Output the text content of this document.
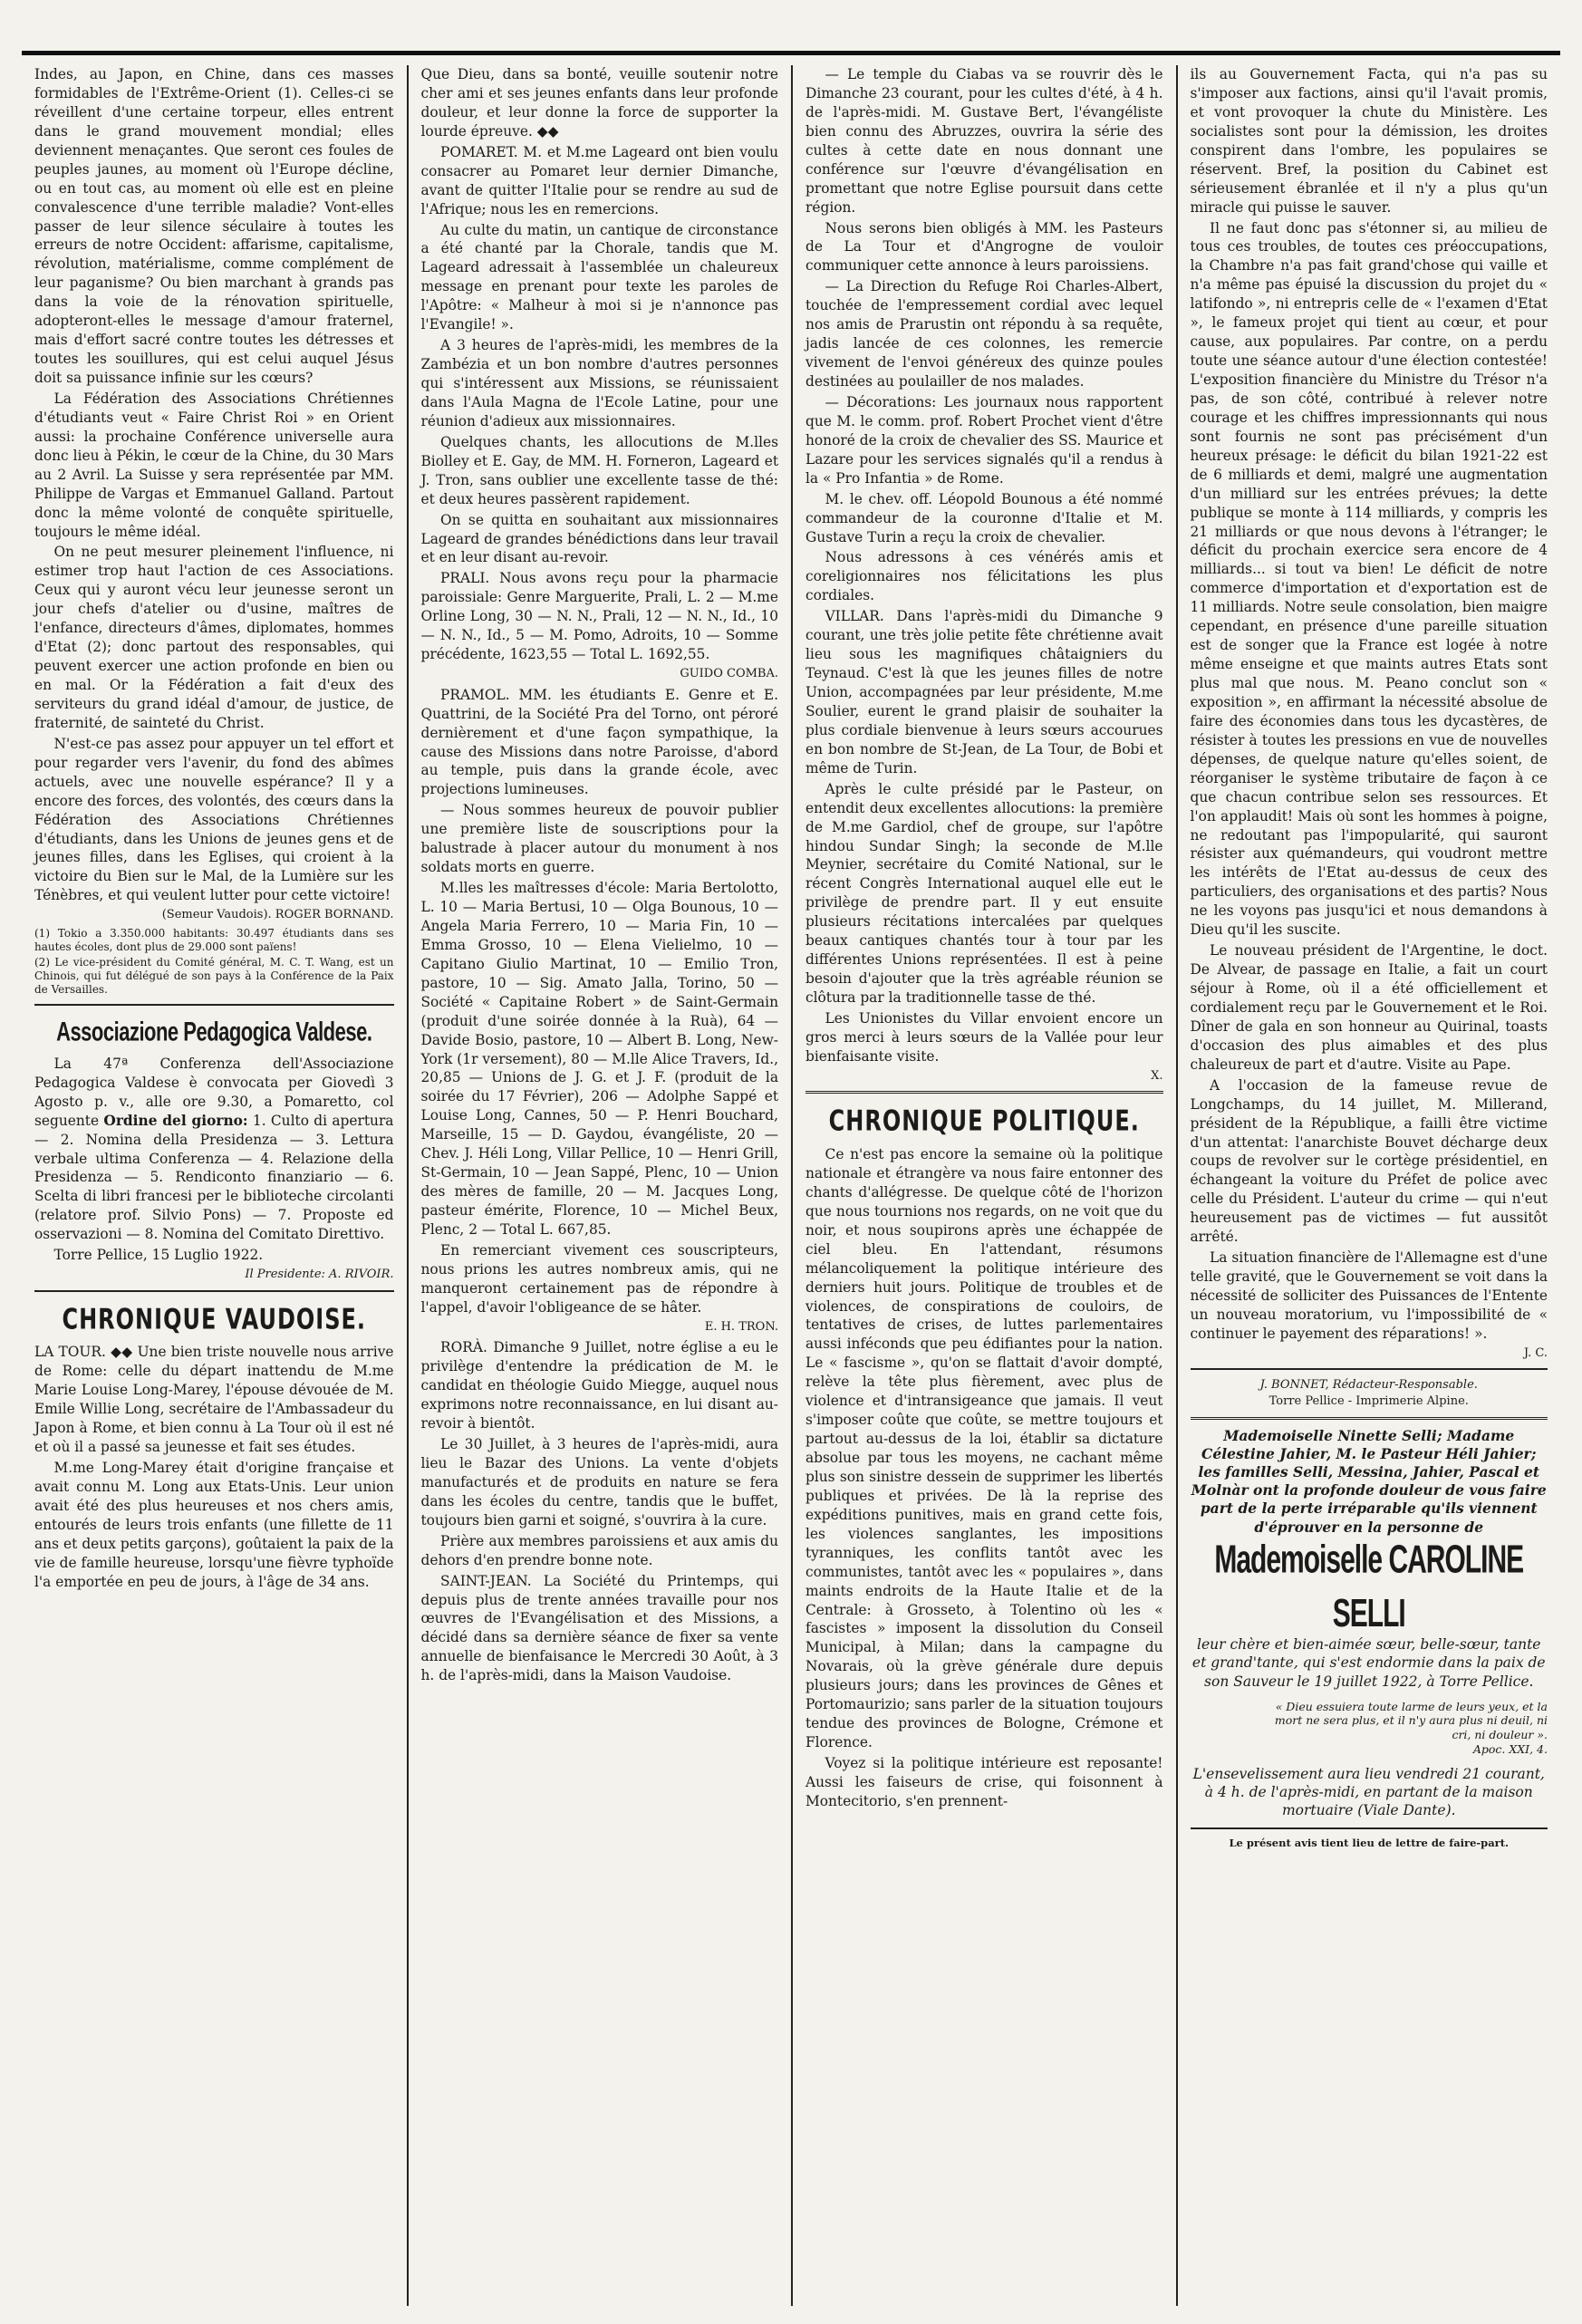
Indes, au Japon, en Chine, dans ces masses formidables de l'Extrême-Orient (1). Celles-ci se réveillent d'une certaine torpeur, elles entrent dans le grand mouvement mondial; elles deviennent menaçantes. Que seront ces foules de peuples jaunes, au moment où l'Europe décline, ou en tout cas, au moment où elle est en pleine convalescence d'une terrible maladie? Vont-elles passer de leur silence séculaire à toutes les erreurs de notre Occident: affarisme, capitalisme, révolution, matérialisme, comme complément de leur paganisme? Ou bien marchant à grands pas dans la voie de la rénovation spirituelle, adopteront-elles le message d'amour fraternel, mais d'effort sacré contre toutes les détresses et toutes les souillures, qui est celui auquel Jésus doit sa puissance infinie sur les cœurs?

La Fédération des Associations Chrétiennes d'étudiants veut « Faire Christ Roi » en Orient aussi: la prochaine Conférence universelle aura donc lieu à Pékin, le cœur de la Chine, du 30 Mars au 2 Avril. La Suisse y sera représentée par MM. Philippe de Vargas et Emmanuel Galland. Partout donc la même volonté de conquête spirituelle, toujours le même idéal.

On ne peut mesurer pleinement l'influence, ni estimer trop haut l'action de ces Associations. Ceux qui y auront vécu leur jeunesse seront un jour chefs d'atelier ou d'usine, maîtres de l'enfance, directeurs d'âmes, diplomates, hommes d'Etat (2); donc partout des responsables, qui peuvent exercer une action profonde en bien ou en mal. Or la Fédération a fait d'eux des serviteurs du grand idéal d'amour, de justice, de fraternité, de sainteté du Christ.

N'est-ce pas assez pour appuyer un tel effort et pour regarder vers l'avenir, du fond des abîmes actuels, avec une nouvelle espérance? Il y a encore des forces, des volontés, des cœurs dans la Fédération des Associations Chrétiennes d'étudiants, dans les Unions de jeunes gens et de jeunes filles, dans les Eglises, qui croient à la victoire du Bien sur le Mal, de la Lumière sur les Ténèbres, et qui veulent lutter pour cette victoire!

(Semeur Vaudois). ROGER BORNAND.

(1) Tokio a 3.350.000 habitants: 30.497 étudiants dans ses hautes écoles, dont plus de 29.000 sont païens!

(2) Le vice-président du Comité général, M. C. T. Wang, est un Chinois, qui fut délégué de son pays à la Conférence de la Paix de Versailles.

Associazione Pedagogica Valdese.

La 47ª Conferenza dell'Associazione Pedagogica Valdese è convocata per Giovedì 3 Agosto p. v., alle ore 9.30, a Pomaretto, col seguente Ordine del giorno: 1. Culto di apertura — 2. Nomina della Presidenza — 3. Lettura verbale ultima Conferenza — 4. Relazione della Presidenza — 5. Rendiconto finanziario — 6. Scelta di libri francesi per le biblioteche circolanti (relatore prof. Silvio Pons) — 7. Proposte ed osservazioni — 8. Nomina del Comitato Direttivo.

Torre Pellice, 15 Luglio 1922.

Il Presidente: A. RIVOIR.
CHRONIQUE VAUDOISE.

LA TOUR. ◆◆ Une bien triste nouvelle nous arrive de Rome: celle du départ inattendu de M.me Marie Louise Long-Marey, l'épouse dévouée de M. Emile Willie Long, secrétaire de l'Ambassadeur du Japon à Rome, et bien connu à La Tour où il est né et où il a passé sa jeunesse et fait ses études.

M.me Long-Marey était d'origine française et avait connu M. Long aux Etats-Unis. Leur union avait été des plus heureuses et nos chers amis, entourés de leurs trois enfants (une fillette de 11 ans et deux petits garçons), goûtaient la paix de la vie de famille heureuse, lorsqu'une fièvre typhoïde l'a emportée en peu de jours, à l'âge de 34 ans.

Que Dieu, dans sa bonté, veuille soutenir notre cher ami et ses jeunes enfants dans leur profonde douleur, et leur donne la force de supporter la lourde épreuve. ◆◆

POMARET. M. et M.me Lageard ont bien voulu consacrer au Pomaret leur dernier Dimanche, avant de quitter l'Italie pour se rendre au sud de l'Afrique; nous les en remercions.

Au culte du matin, un cantique de circonstance a été chanté par la Chorale, tandis que M. Lageard adressait à l'assemblée un chaleureux message en prenant pour texte les paroles de l'Apôtre: « Malheur à moi si je n'annonce pas l'Evangile! ».

A 3 heures de l'après-midi, les membres de la Zambézia et un bon nombre d'autres personnes qui s'intéressent aux Missions, se réunissaient dans l'Aula Magna de l'Ecole Latine, pour une réunion d'adieux aux missionnaires.

Quelques chants, les allocutions de M.lles Biolley et E. Gay, de MM. H. Forneron, Lageard et J. Tron, sans oublier une excellente tasse de thé: et deux heures passèrent rapidement.

On se quitta en souhaitant aux missionnaires Lageard de grandes bénédictions dans leur travail et en leur disant au-revoir.

PRALI. Nous avons reçu pour la pharmacie paroissiale: Genre Marguerite, Prali, L. 2 — M.me Orline Long, 30 — N. N., Prali, 12 — N. N., Id., 10 — N. N., Id., 5 — M. Pomo, Adroits, 10 — Somme précédente, 1623,55 — Total L. 1692,55.

GUIDO COMBA.

PRAMOL. MM. les étudiants E. Genre et E. Quattrini, de la Société Pra del Torno, ont péroré dernièrement et d'une façon sympathique, la cause des Missions dans notre Paroisse, d'abord au temple, puis dans la grande école, avec projections lumineuses.

— Nous sommes heureux de pouvoir publier une première liste de souscriptions pour la balustrade à placer autour du monument à nos soldats morts en guerre.

M.lles les maîtresses d'école: Maria Bertolotto, L. 10 — Maria Bertusi, 10 — Olga Bounous, 10 — Angela Maria Ferrero, 10 — Maria Fin, 10 — Emma Grosso, 10 — Elena Vielielmo, 10 — Capitano Giulio Martinat, 10 — Emilio Tron, pastore, 10 — Sig. Amato Jalla, Torino, 50 — Société « Capitaine Robert » de Saint-Germain (produit d'une soirée donnée à la Ruà), 64 — Davide Bosio, pastore, 10 — Albert B. Long, New-York (1r versement), 80 — M.lle Alice Travers, Id., 20,85 — Unions de J. G. et J. F. (produit de la soirée du 17 Février), 206 — Adolphe Sappé et Louise Long, Cannes, 50 — P. Henri Bouchard, Marseille, 15 — D. Gaydou, évangéliste, 20 — Chev. J. Héli Long, Villar Pellice, 10 — Henri Grill, St-Germain, 10 — Jean Sappé, Plenc, 10 — Union des mères de famille, 20 — M. Jacques Long, pasteur émérite, Florence, 10 — Michel Beux, Plenc, 2 — Total L. 667,85.

En remerciant vivement ces souscripteurs, nous prions les autres nombreux amis, qui ne manqueront certainement pas de répondre à l'appel, d'avoir l'obligeance de se hâter.

E. H. TRON.

RORÀ. Dimanche 9 Juillet, notre église a eu le privilège d'entendre la prédication de M. le candidat en théologie Guido Miegge, auquel nous exprimons notre reconnaissance, en lui disant au-revoir à bientôt.

Le 30 Juillet, à 3 heures de l'après-midi, aura lieu le Bazar des Unions. La vente d'objets manufacturés et de produits en nature se fera dans les écoles du centre, tandis que le buffet, toujours bien garni et soigné, s'ouvrira à la cure.

Prière aux membres paroissiens et aux amis du dehors d'en prendre bonne note.

SAINT-JEAN. La Société du Printemps, qui depuis plus de trente années travaille pour nos œuvres de l'Evangélisation et des Missions, a décidé dans sa dernière séance de fixer sa vente annuelle de bienfaisance le Mercredi 30 Août, à 3 h. de l'après-midi, dans la Maison Vaudoise.

— Le temple du Ciabas va se rouvrir dès le Dimanche 23 courant, pour les cultes d'été, à 4 h. de l'après-midi. M. Gustave Bert, l'évangéliste bien connu des Abruzzes, ouvrira la série des cultes à cette date en nous donnant une conférence sur l'œuvre d'évangélisation en promettant que notre Eglise poursuit dans cette région.

Nous serons bien obligés à MM. les Pasteurs de La Tour et d'Angrogne de vouloir communiquer cette annonce à leurs paroissiens.

— La Direction du Refuge Roi Charles-Albert, touchée de l'empressement cordial avec lequel nos amis de Prarustin ont répondu à sa requête, jadis lancée de ces colonnes, les remercie vivement de l'envoi généreux des quinze poules destinées au poulailler de nos malades.

— Décorations: Les journaux nous rapportent que M. le comm. prof. Robert Prochet vient d'être honoré de la croix de chevalier des SS. Maurice et Lazare pour les services signalés qu'il a rendus à la « Pro Infantia » de Rome.

M. le chev. off. Léopold Bounous a été nommé commandeur de la couronne d'Italie et M. Gustave Turin a reçu la croix de chevalier.

Nous adressons à ces vénérés amis et coreligionnaires nos félicitations les plus cordiales.

VILLAR. Dans l'après-midi du Dimanche 9 courant, une très jolie petite fête chrétienne avait lieu sous les magnifiques châtaigniers du Teynaud. C'est là que les jeunes filles de notre Union, accompagnées par leur présidente, M.me Soulier, eurent le grand plaisir de souhaiter la plus cordiale bienvenue à leurs sœurs accourues en bon nombre de St-Jean, de La Tour, de Bobi et même de Turin.

Après le culte présidé par le Pasteur, on entendit deux excellentes allocutions: la première de M.me Gardiol, chef de groupe, sur l'apôtre hindou Sundar Singh; la seconde de M.lle Meynier, secrétaire du Comité National, sur le récent Congrès International auquel elle eut le privilège de prendre part. Il y eut ensuite plusieurs récitations intercalées par quelques beaux cantiques chantés tour à tour par les différentes Unions représentées. Il est à peine besoin d'ajouter que la très agréable réunion se clôtura par la traditionnelle tasse de thé.

Les Unionistes du Villar envoient encore un gros merci à leurs sœurs de la Vallée pour leur bienfaisante visite.

X.
CHRONIQUE POLITIQUE.

Ce n'est pas encore la semaine où la politique nationale et étrangère va nous faire entonner des chants d'allégresse. De quelque côté de l'horizon que nous tournions nos regards, on ne voit que du noir, et nous soupirons après une échappée de ciel bleu. En l'attendant, résumons mélancoliquement la politique intérieure des derniers huit jours. Politique de troubles et de violences, de conspirations de couloirs, de tentatives de crises, de luttes parlementaires aussi inféconds que peu édifiantes pour la nation. Le « fascisme », qu'on se flattait d'avoir dompté, relève la tête plus fièrement, avec plus de violence et d'intransigeance que jamais. Il veut s'imposer coûte que coûte, se mettre toujours et partout au-dessus de la loi, établir sa dictature absolue par tous les moyens, ne cachant même plus son sinistre dessein de supprimer les libertés publiques et privées. De là la reprise des expéditions punitives, mais en grand cette fois, les violences sanglantes, les impositions tyranniques, les conflits tantôt avec les communistes, tantôt avec les « populaires », dans maints endroits de la Haute Italie et de la Centrale: à Grosseto, à Tolentino où les « fascistes » imposent la dissolution du Conseil Municipal, à Milan; dans la campagne du Novarais, où la grève générale dure depuis plusieurs jours; dans les provinces de Gênes et Portomaurizio; sans parler de la situation toujours tendue des provinces de Bologne, Crémone et Florence.

Voyez si la politique intérieure est reposante! Aussi les faiseurs de crise, qui foisonnent à Montecitorio, s'en prennent-

ils au Gouvernement Facta, qui n'a pas su s'imposer aux factions, ainsi qu'il l'avait promis, et vont provoquer la chute du Ministère. Les socialistes sont pour la démission, les droites conspirent dans l'ombre, les populaires se réservent. Bref, la position du Cabinet est sérieusement ébranlée et il n'y a plus qu'un miracle qui puisse le sauver.

Il ne faut donc pas s'étonner si, au milieu de tous ces troubles, de toutes ces préoccupations, la Chambre n'a pas fait grand'chose qui vaille et n'a même pas épuisé la discussion du projet du « latifondo », ni entrepris celle de « l'examen d'Etat », le fameux projet qui tient au cœur, et pour cause, aux populaires. Par contre, on a perdu toute une séance autour d'une élection contestée! L'exposition financière du Ministre du Trésor n'a pas, de son côté, contribué à relever notre courage et les chiffres impressionnants qui nous sont fournis ne sont pas précisément d'un heureux présage: le déficit du bilan 1921-22 est de 6 milliards et demi, malgré une augmentation d'un milliard sur les entrées prévues; la dette publique se monte à 114 milliards, y compris les 21 milliards or que nous devons à l'étranger; le déficit du prochain exercice sera encore de 4 milliards... si tout va bien! Le déficit de notre commerce d'importation et d'exportation est de 11 milliards. Notre seule consolation, bien maigre cependant, en présence d'une pareille situation est de songer que la France est logée à notre même enseigne et que maints autres Etats sont plus mal que nous. M. Peano conclut son « exposition », en affirmant la nécessité absolue de faire des économies dans tous les dycastères, de résister à toutes les pressions en vue de nouvelles dépenses, de quelque nature qu'elles soient, de réorganiser le système tributaire de façon à ce que chacun contribue selon ses ressources. Et l'on applaudit! Mais où sont les hommes à poigne, ne redoutant pas l'impopularité, qui sauront résister aux quémandeurs, qui voudront mettre les intérêts de l'Etat au-dessus de ceux des particuliers, des organisations et des partis? Nous ne les voyons pas jusqu'ici et nous demandons à Dieu qu'il les suscite.

Le nouveau président de l'Argentine, le doct. De Alvear, de passage en Italie, a fait un court séjour à Rome, où il a été officiellement et cordialement reçu par le Gouvernement et le Roi. Dîner de gala en son honneur au Quirinal, toasts d'occasion des plus aimables et des plus chaleureux de part et d'autre. Visite au Pape.

A l'occasion de la fameuse revue de Longchamps, du 14 juillet, M. Millerand, président de la République, a failli être victime d'un attentat: l'anarchiste Bouvet décharge deux coups de revolver sur le cortège présidentiel, en échangeant la voiture du Préfet de police avec celle du Président. L'auteur du crime — qui n'eut heureusement pas de victimes — fut aussitôt arrêté.

La situation financière de l'Allemagne est d'une telle gravité, que le Gouvernement se voit dans la nécessité de solliciter des Puissances de l'Entente un nouveau moratorium, vu l'impossibilité de « continuer le payement des réparations! ».

J. C.
J. BONNET, Rédacteur-Responsable.
Torre Pellice - Imprimerie Alpine.
Mademoiselle Ninette Selli; Madame Célestine Jahier, M. le Pasteur Héli Jahier; les familles Selli, Messina, Jahier, Pascal et Molnàr ont la profonde douleur de vous faire part de la perte irréparable qu'ils viennent d'éprouver en la personne de
Mademoiselle CAROLINE SELLI
leur chère et bien-aimée sœur, belle-sœur, tante et grand'tante, qui s'est endormie dans la paix de son Sauveur le 19 juillet 1922, à Torre Pellice.
« Dieu essuiera toute larme de leurs yeux, et la mort ne sera plus, et il n'y aura plus ni deuil, ni cri, ni douleur ».
Apoc. XXI, 4.
L'ensevelissement aura lieu vendredi 21 courant, à 4 h. de l'après-midi, en partant de la maison mortuaire (Viale Dante).
Le présent avis tient lieu de lettre de faire-part.
